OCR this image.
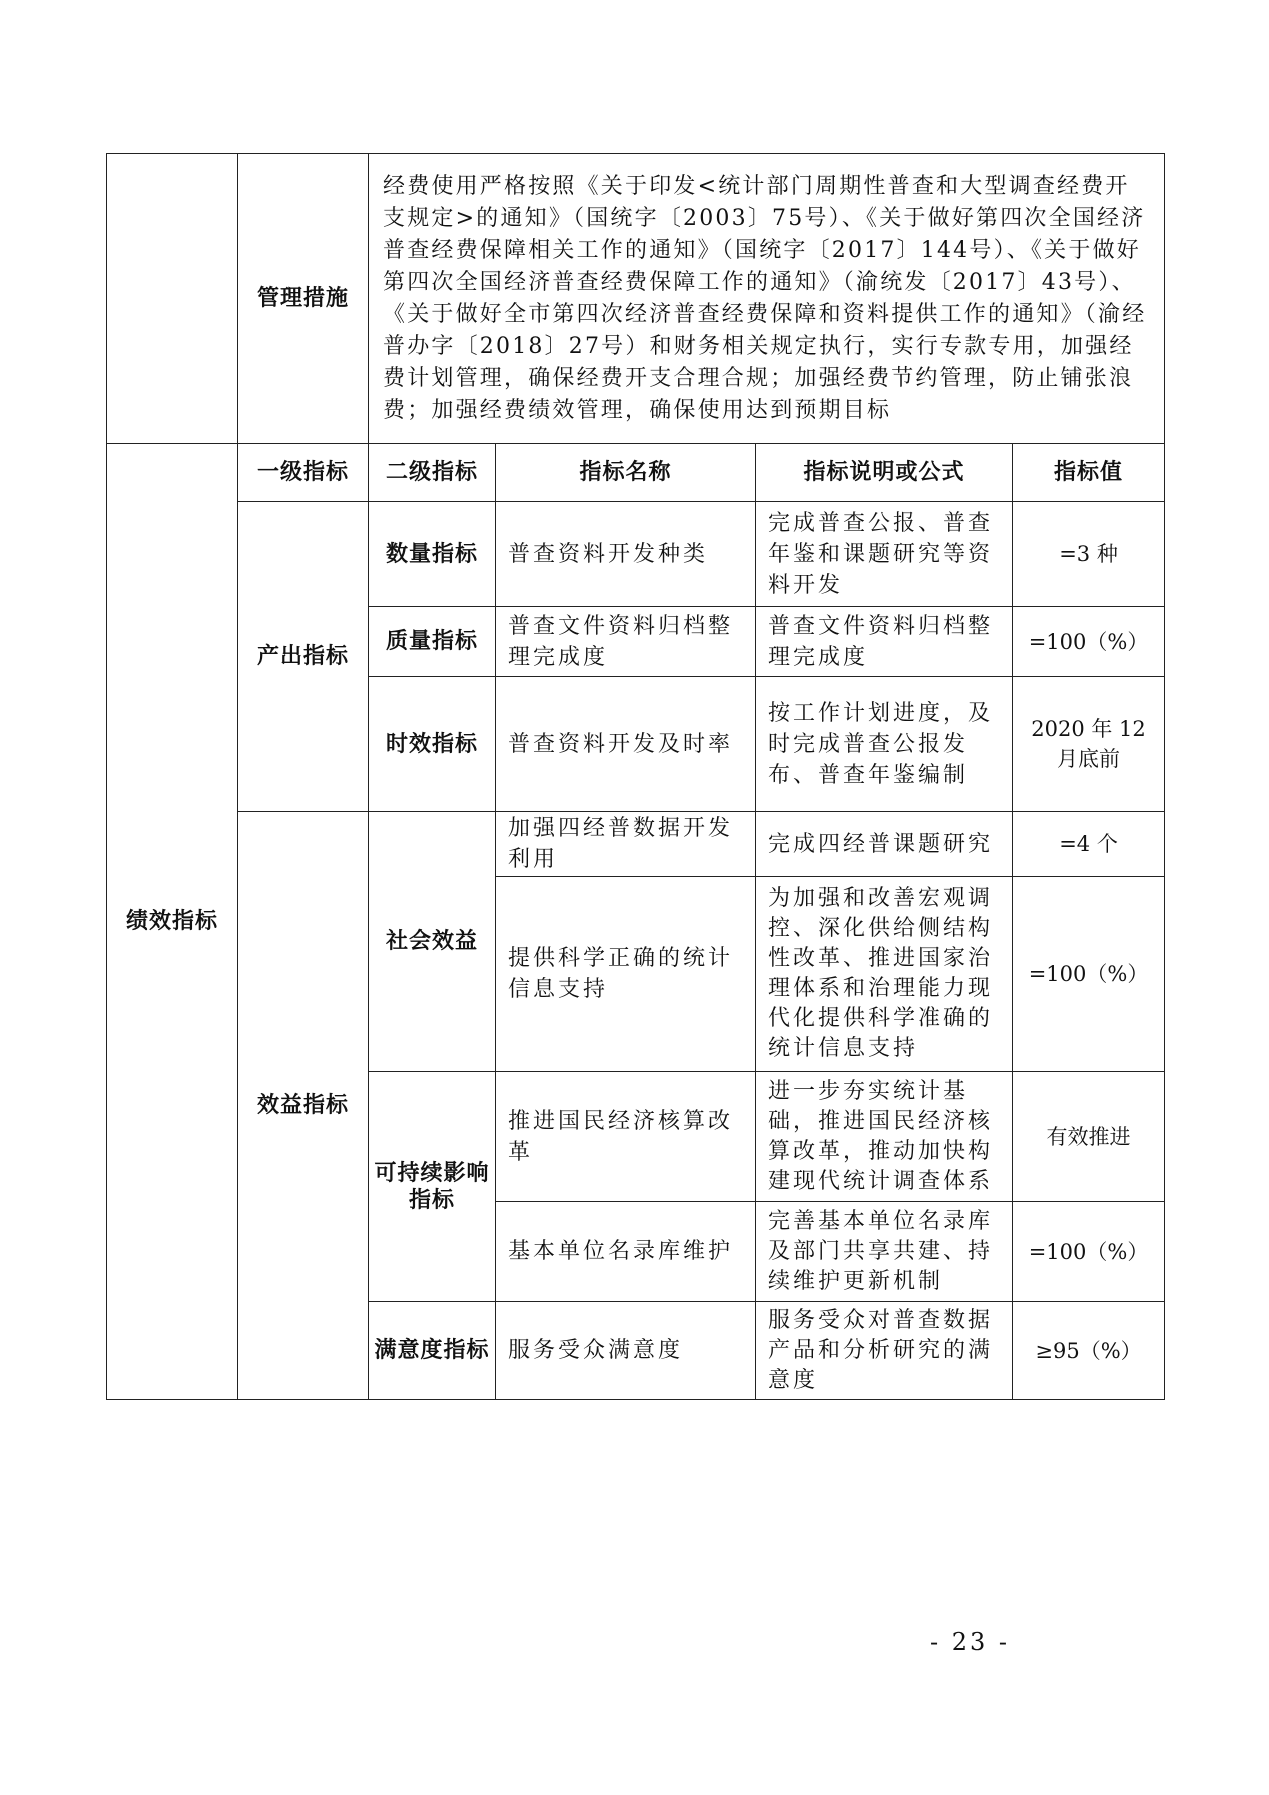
	管理措施	经费使用严格按照《关于印发<统计部门周期性普查和大型调查经费开支规定>的通知》（国统字〔2003〕75号）、《关于做好第四次全国经济普查经费保障相关工作的通知》（国统字〔2017〕144号）、《关于做好第四次全国经济普查经费保障工作的通知》（渝统发〔2017〕43号）、《关于做好全市第四次经济普查经费保障和资料提供工作的通知》（渝经普办字〔2018〕27号）和财务相关规定执行，实行专款专用，加强经费计划管理，确保经费开支合理合规；加强经费节约管理，防止铺张浪费；加强经费绩效管理，确保使用达到预期目标			
绩效指标	一级指标	二级指标	指标名称	指标说明或公式	指标值
	产出指标	数量指标	普查资料开发种类	完成普查公报、普查年鉴和课题研究等资料开发	=3 种
		质量指标	普查文件资料归档整理完成度	普查文件资料归档整理完成度	=100（%）
		时效指标	普查资料开发及时率	按工作计划进度，及时完成普查公报发布、普查年鉴编制	2020 年 12 月底前
	效益指标	社会效益	加强四经普数据开发利用	完成四经普课题研究	=4 个
			提供科学正确的统计信息支持	为加强和改善宏观调控、深化供给侧结构性改革、推进国家治理体系和治理能力现代化提供科学准确的统计信息支持	=100（%）
		可持续影响指标	推进国民经济核算改革	进一步夯实统计基础，推进国民经济核算改革，推动加快构建现代统计调查体系	有效推进
			基本单位名录库维护	完善基本单位名录库及部门共享共建、持续维护更新机制	=100（%）
		满意度指标	服务受众满意度	服务受众对普查数据产品和分析研究的满意度	≥95（%）
- 23 -
